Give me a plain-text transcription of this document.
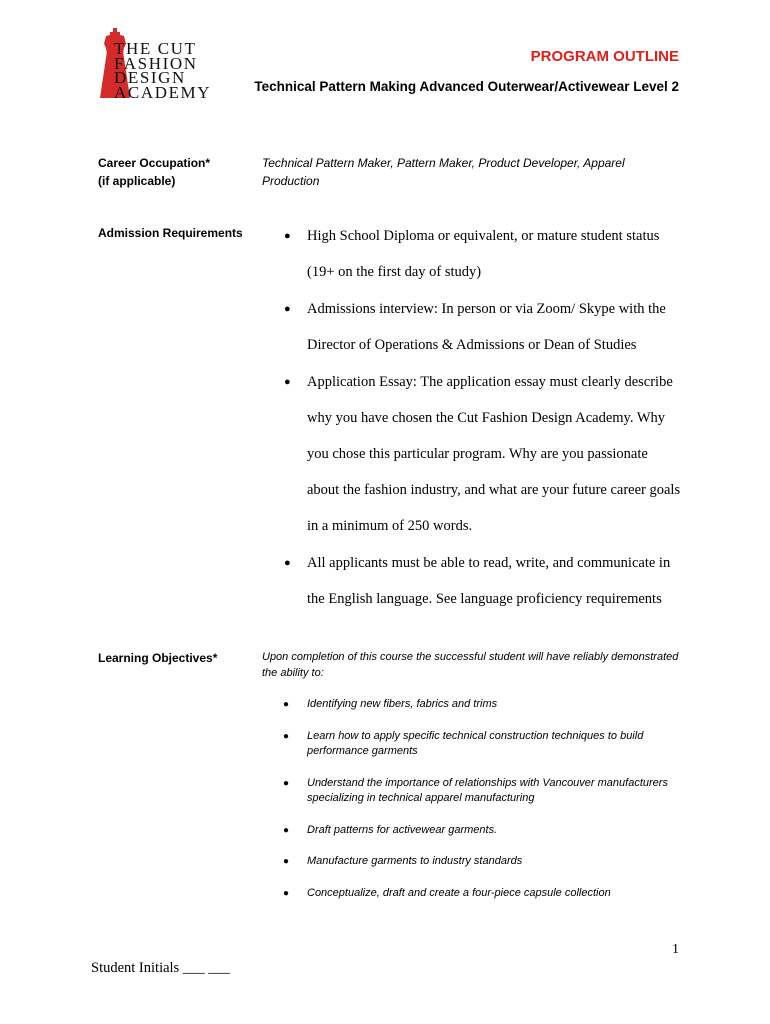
THE CUT
FASHION
DESIGN
ACADEMY
PROGRAM OUTLINE
Technical Pattern Making Advanced Outerwear/Activewear Level 2
Career Occupation*
(if applicable)
Technical Pattern Maker, Pattern Maker, Product Developer, Apparel
Production
Admission Requirements	● High School Diploma or equivalent, or mature student status
(19+ on the first day of study)
● Admissions interview: In person or via Zoom/ Skype with the
Director of Operations & Admissions or Dean of Studies
● Application Essay: The application essay must clearly describe
why you have chosen the Cut Fashion Design Academy. Why
you chose this particular program. Why are you passionate
about the fashion industry, and what are your future career goals
in a minimum of 250 words.
● All applicants must be able to read, write, and communicate in
the English language. See language proficiency requirements
Learning Objectives*	Upon completion of this course the successful student will have reliably demonstrated
the ability to:
● Identifying new fibers, fabrics and trims
● Learn how to apply specific technical construction techniques to build
performance garments
● Understand the importance of relationships with Vancouver manufacturers
specializing in technical apparel manufacturing
● Draft patterns for activewear garments.
● Manufacture garments to industry standards
● Conceptualize, draft and create a four-piece capsule collection
1
Student Initials ___ ___
